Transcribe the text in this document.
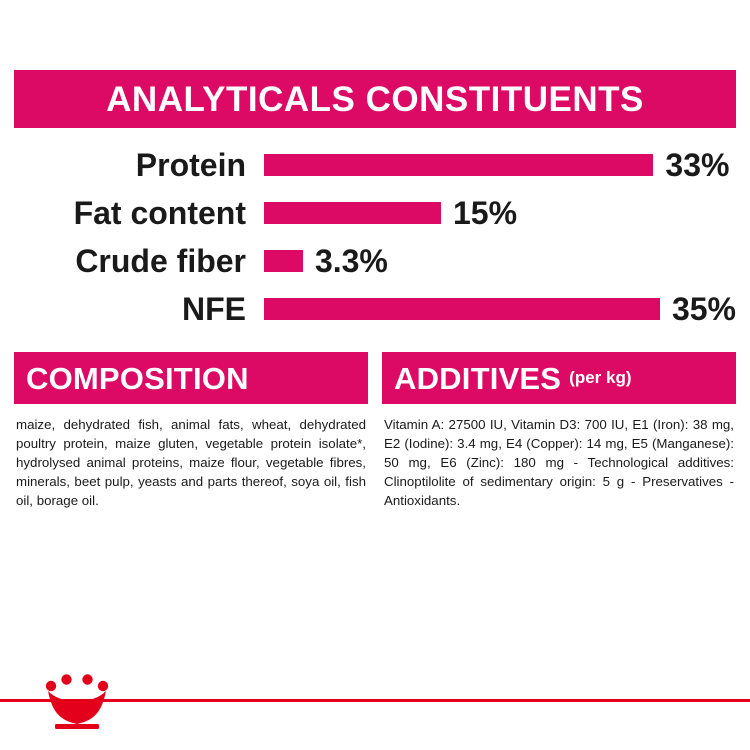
ANALYTICALS CONSTITUENTS
Protein	33%
Fat content	15%
Crude fiber	3.3%
NFE	35%
COMPOSITION
maize, dehydrated fish, animal fats, wheat, dehydrated poultry protein, maize gluten, vegetable protein isolate*, hydrolysed animal proteins, maize flour, vegetable fibres, minerals, beet pulp, yeasts and parts thereof, soya oil, fish oil, borage oil.
ADDITIVES (per kg)
Vitamin A: 27500 IU, Vitamin D3: 700 IU, E1 (Iron): 38 mg, E2 (Iodine): 3.4 mg, E4 (Copper): 14 mg, E5 (Manganese): 50 mg, E6 (Zinc): 180 mg - Technological additives: Clinoptilolite of sedimentary origin: 5 g - Preservatives - Antioxidants.
